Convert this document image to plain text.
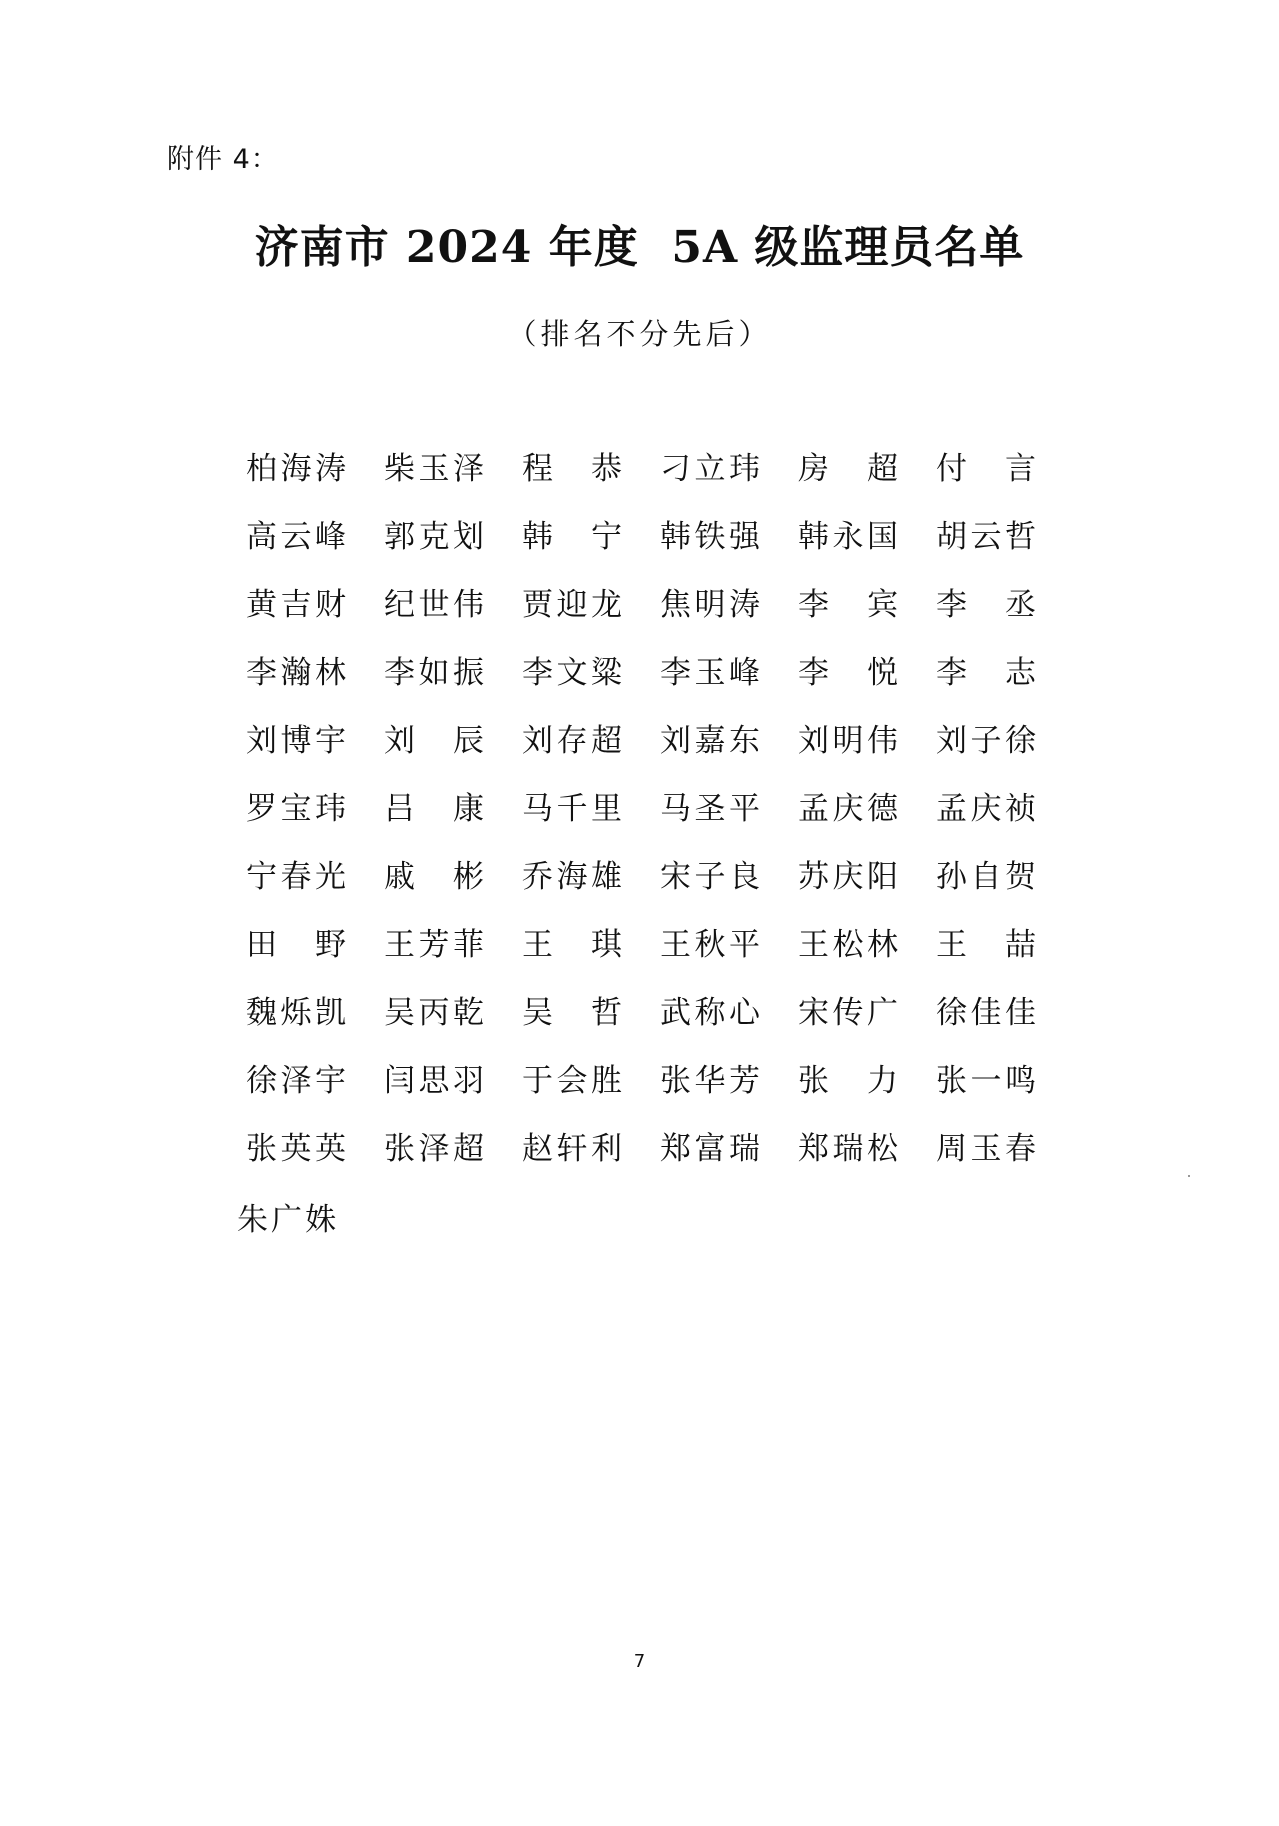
附件 4：
济南市 2024 年度  5A 级监理员名单
（排名不分先后）
柏 海 涛 柴 玉 泽 程 恭 刁 立 玮 房 超 付 言
高 云 峰 郭 克 划 韩 宁 韩 铁 强 韩 永 国 胡 云 哲
黄 吉 财 纪 世 伟 贾 迎 龙 焦 明 涛 李 宾 李 丞
李 瀚 林 李 如 振 李 文 粱 李 玉 峰 李 悦 李 志
刘 博 宇 刘 辰 刘 存 超 刘 嘉 东 刘 明 伟 刘 子 徐
罗 宝 玮 吕 康 马 千 里 马 圣 平 孟 庆 德 孟 庆 祯
宁 春 光 戚 彬 乔 海 雄 宋 子 良 苏 庆 阳 孙 自 贺
田 野 王 芳 菲 王 琪 王 秋 平 王 松 林 王 喆
魏 烁 凯 吴 丙 乾 吴 哲 武 称 心 宋 传 广 徐 佳 佳
徐 泽 宇 闫 思 羽 于 会 胜 张 华 芳 张 力 张 一 鸣
张 英 英 张 泽 超 赵 轩 利 郑 富 瑞 郑 瑞 松 周 玉 春
朱广姝
7
